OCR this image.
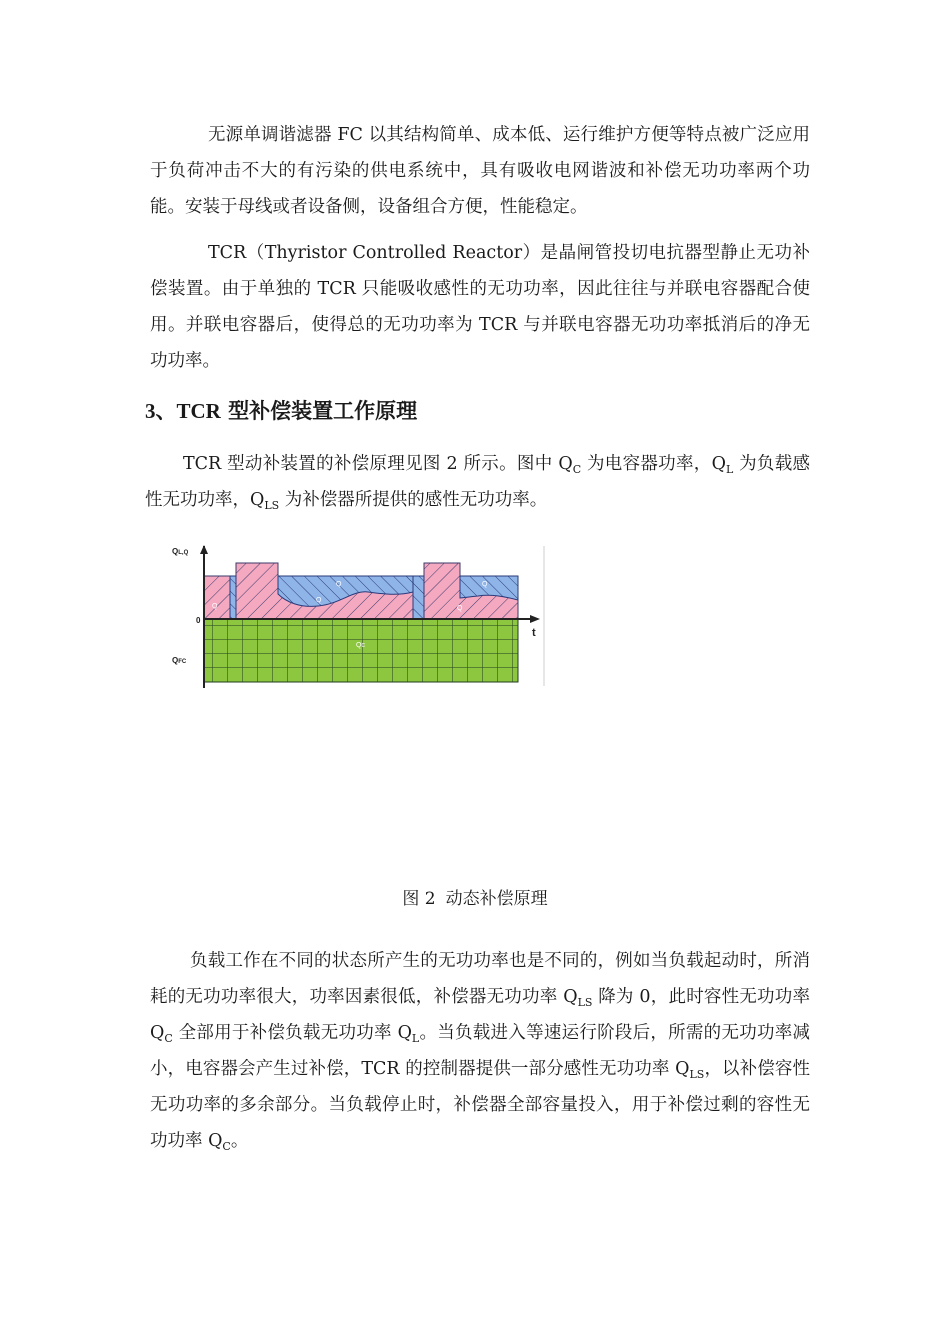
无源单调谐滤器 FC 以其结构简单、成本低、运行维护方便等特点被广泛应用于负荷冲击不大的有污染的供电系统中，具有吸收电网谐波和补偿无功功率两个功能。安装于母线或者设备侧，设备组合方便，性能稳定。

TCR（Thyristor Controlled Reactor）是晶闸管投切电抗器型静止无功补偿装置。由于单独的 TCR 只能吸收感性的无功功率，因此往往与并联电容器配合使用。并联电容器后，使得总的无功功率为 TCR 与并联电容器无功功率抵消后的净无功功率。

3、TCR 型补偿装置工作原理

TCR 型动补装置的补偿原理见图 2 所示。图中 $Q_C$ 为电容器功率，$Q_L$ 为负载感性无功功率，$Q_{LS}$ 为补偿器所提供的感性无功功率。

QL,Q
0
t
QFC
Q
Q
Q
Q
Q
Qc

图 2 动态补偿原理

负载工作在不同的状态所产生的无功功率也是不同的，例如当负载起动时，所消耗的无功功率很大，功率因素很低，补偿器无功功率 $Q_{LS}$ 降为 0，此时容性无功功率 $Q_C$ 全部用于补偿负载无功功率 $Q_L$。当负载进入等速运行阶段后，所需的无功功率减小，电容器会产生过补偿，TCR 的控制器提供一部分感性无功功率 $Q_{LS}$，以补偿容性无功功率的多余部分。当负载停止时，补偿器全部容量投入，用于补偿过剩的容性无功功率 $Q_C$。
